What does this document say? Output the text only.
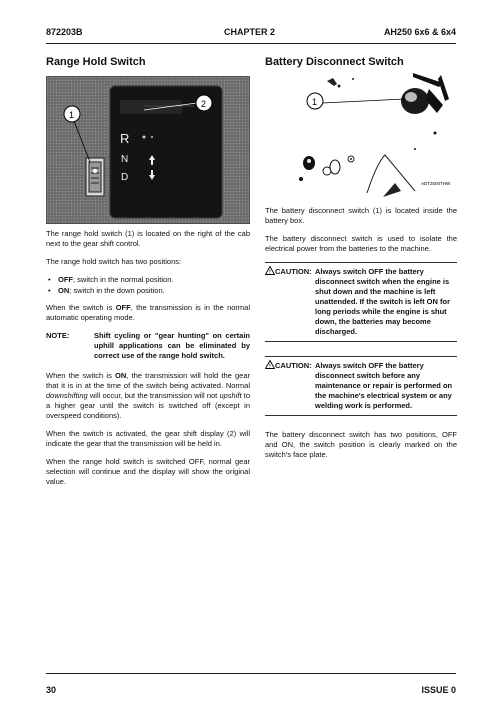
872203B	CHAPTER 2	AH250 6x6 & 6x4
Range Hold Switch
R
N
D
1
2

The range hold switch (1) is located on the right of the cab next to the gear shift control.

The range hold switch has two positions:

• OFF; switch in the normal position.
• ON; switch in the down position.

When the switch is OFF, the transmission is in the normal automatic operating mode.

NOTE:	Shift cycling or "gear hunting" on certain uphill applications can be eliminated by correct use of the range hold switch.

When the switch is ON, the transmission will hold the gear that it is in at the time of the switch being activated. Normal downshifting will occur, but the transmission will not upshift to a higher gear until the switch is switched off (except in overspeed conditions).

When the switch is activated, the gear shift display (2) will indicate the gear that the transmission will be held in.

When the range hold switch is switched OFF, normal gear selection will continue and the display will show the original value.

Battery Disconnect Switch
1
ADT2500THW

The battery disconnect switch (1) is located inside the battery box.

The battery disconnect switch is used to isolate the electrical power from the batteries to the machine.

! CAUTION: Always switch OFF the battery disconnect switch when the engine is shut down and the machine is left unattended. If the switch is left ON for long periods while the engine is shut down, the batteries may become discharged.
! CAUTION: Always switch OFF the battery disconnect switch before any maintenance or repair is performed on the machine's electrical system or any welding work is performed.

The battery disconnect switch has two positions, OFF and ON, the switch position is clearly marked on the switch's face plate.

30	ISSUE 0
